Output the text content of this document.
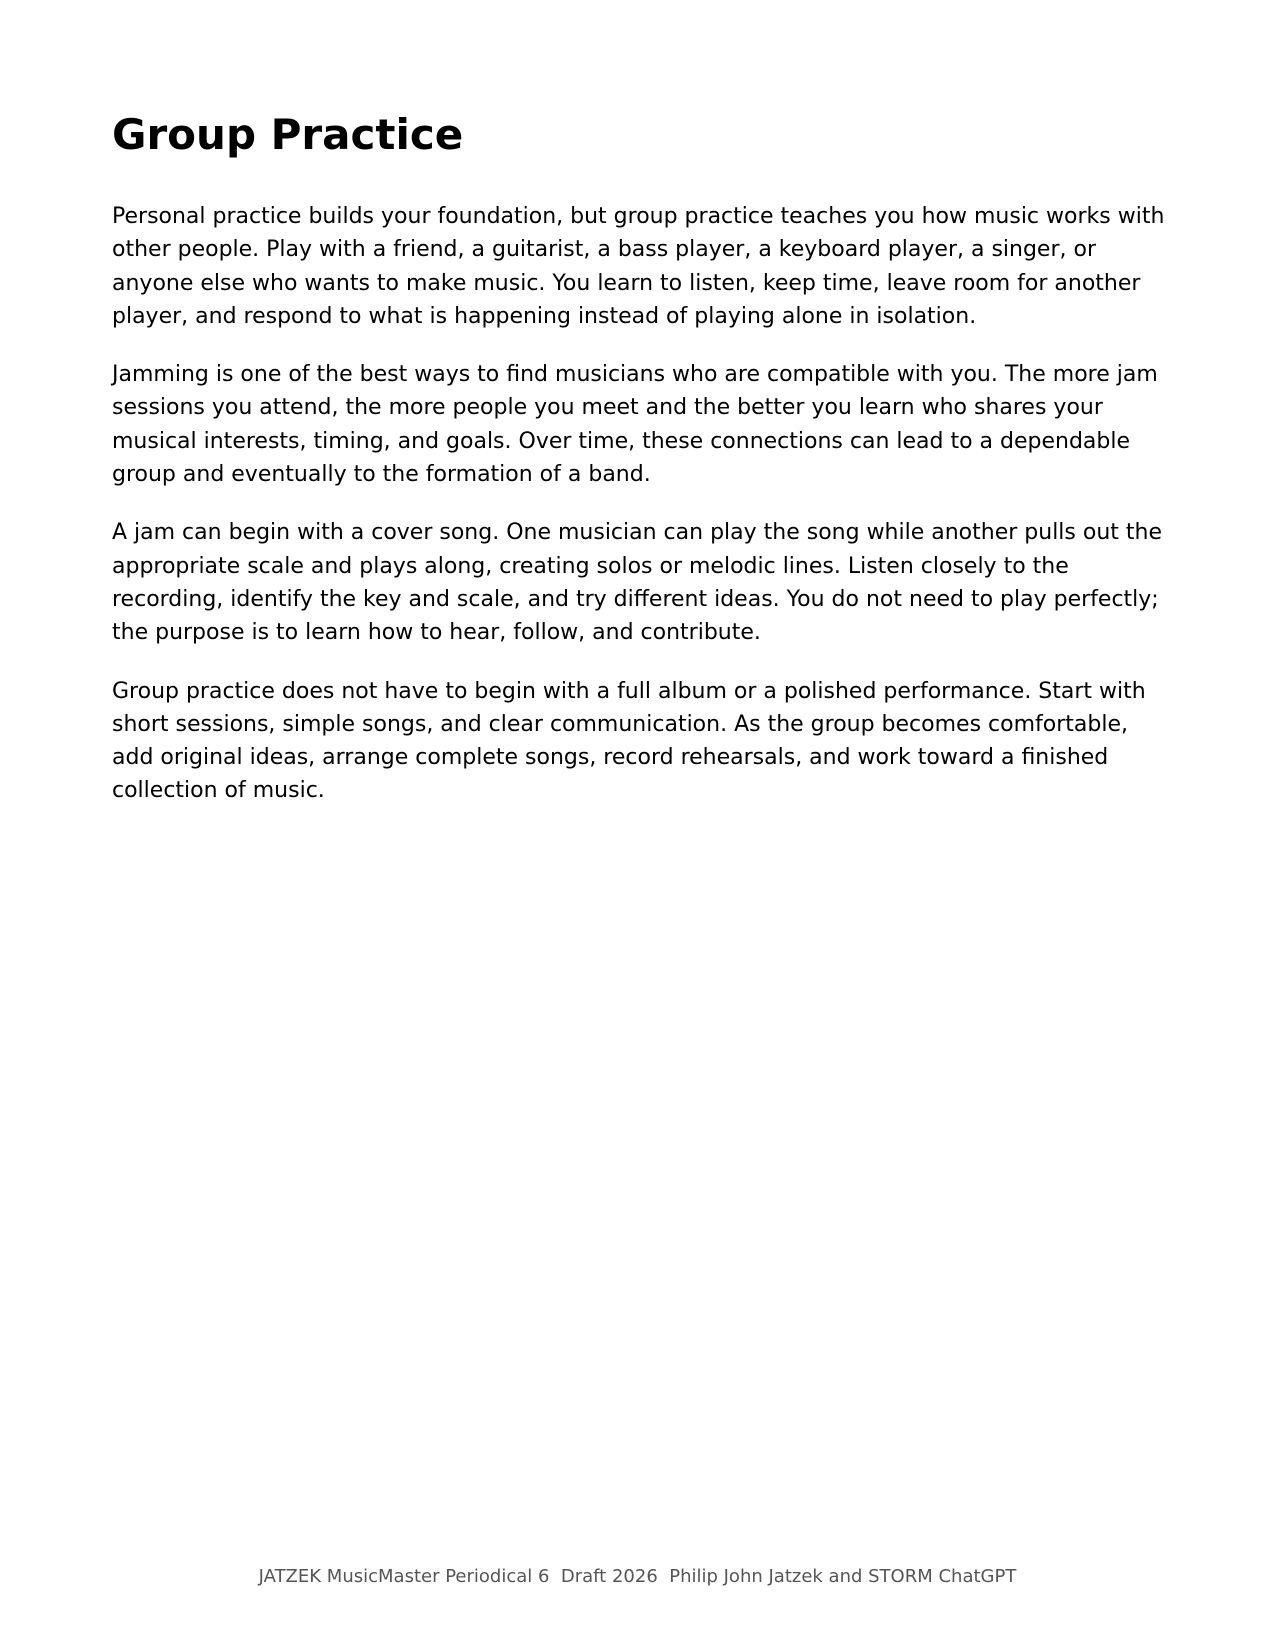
Group Practice

Personal practice builds your foundation, but group practice teaches you how music works with other people. Play with a friend, a guitarist, a bass player, a keyboard player, a singer, or anyone else who wants to make music. You learn to listen, keep time, leave room for another player, and respond to what is happening instead of playing alone in isolation.

Jamming is one of the best ways to find musicians who are compatible with you. The more jam sessions you attend, the more people you meet and the better you learn who shares your musical interests, timing, and goals. Over time, these connections can lead to a dependable group and eventually to the formation of a band.

A jam can begin with a cover song. One musician can play the song while another pulls out the appropriate scale and plays along, creating solos or melodic lines. Listen closely to the recording, identify the key and scale, and try different ideas. You do not need to play perfectly; the purpose is to learn how to hear, follow, and contribute.

Group practice does not have to begin with a full album or a polished performance. Start with short sessions, simple songs, and clear communication. As the group becomes comfortable, add original ideas, arrange complete songs, record rehearsals, and work toward a finished collection of music.

JATZEK MusicMaster Periodical 6  Draft 2026  Philip John Jatzek and STORM ChatGPT
